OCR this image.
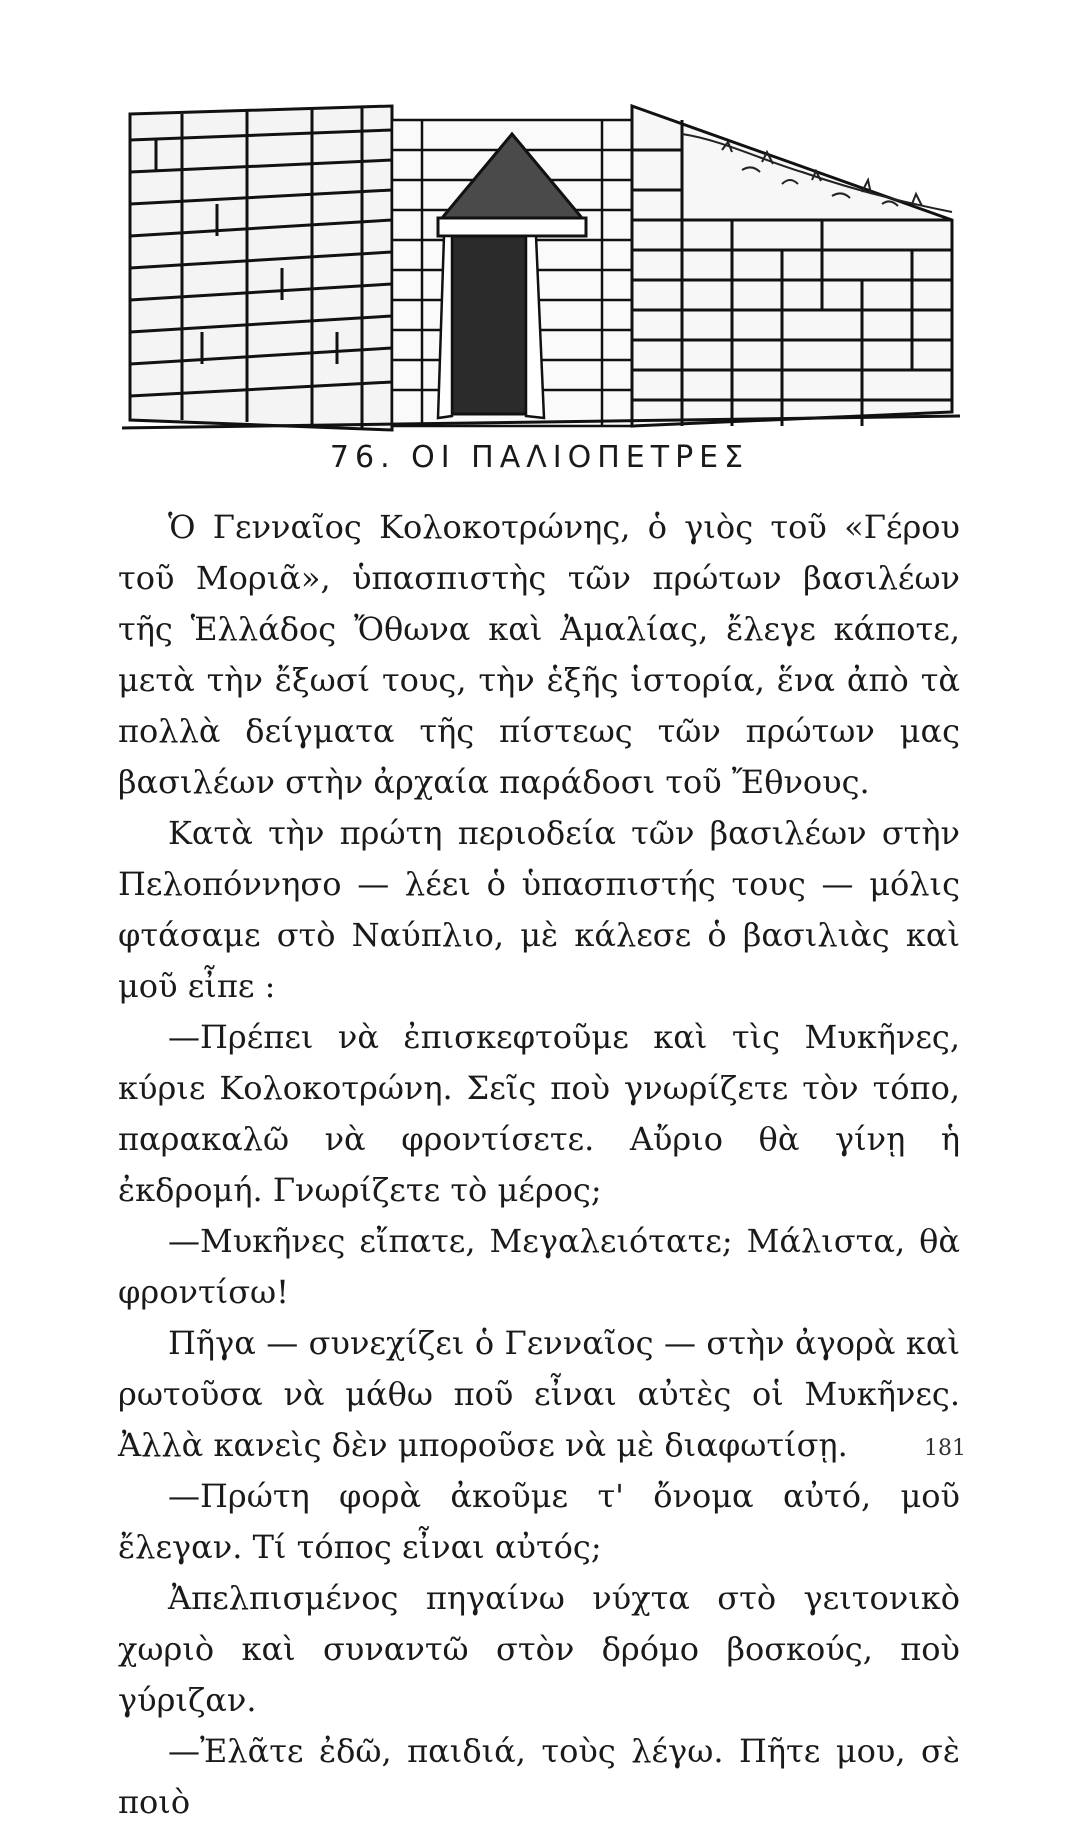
76. ΟΙ ΠΑΛΙΟΠΕΤΡΕΣ

Ὁ Γενναῖος Κολοκοτρώνης, ὁ γιὸς τοῦ «Γέρου τοῦ Μοριᾶ», ὑπασπιστὴς τῶν πρώτων βασιλέων τῆς Ἑλλάδος Ὄθωνα καὶ Ἀμαλίας, ἔλεγε κάποτε, μετὰ τὴν ἔξωσί τους, τὴν ἑξῆς ἱστορία, ἕνα ἀπὸ τὰ πολλὰ δείγματα τῆς πίστεως τῶν πρώτων μας βασιλέων στὴν ἀρχαία παράδοσι τοῦ Ἔθνους.

Κατὰ τὴν πρώτη περιοδεία τῶν βασιλέων στὴν Πελοπόννησο — λέει ὁ ὑπασπιστής τους — μόλις φτάσαμε στὸ Ναύπλιο, μὲ κάλεσε ὁ βασιλιὰς καὶ μοῦ εἶπε :

—Πρέπει νὰ ἐπισκεφτοῦμε καὶ τὶς Μυκῆνες, κύριε Κολοκοτρώνη. Σεῖς ποὺ γνωρίζετε τὸν τόπο, παρακαλῶ νὰ φροντίσετε. Αὔριο θὰ γίνῃ ἡ ἐκδρομή. Γνωρίζετε τὸ μέρος;

—Μυκῆνες εἴπατε, Μεγαλειότατε; Μάλιστα, θὰ φροντίσω!

Πῆγα — συνεχίζει ὁ Γενναῖος — στὴν ἀγορὰ καὶ ρωτοῦσα νὰ μάθω ποῦ εἶναι αὐτὲς οἱ Μυκῆνες. Ἀλλὰ κανεὶς δὲν μποροῦσε νὰ μὲ διαφωτίσῃ.

—Πρώτη φορὰ ἀκοῦμε τ' ὄνομα αὐτό, μοῦ ἔλεγαν. Τί τόπος εἶναι αὐτός;

Ἀπελπισμένος πηγαίνω νύχτα στὸ γειτονικὸ χωριὸ καὶ συναντῶ στὸν δρόμο βοσκούς, ποὺ γύριζαν.

—Ἐλᾶτε ἐδῶ, παιδιά, τοὺς λέγω. Πῆτε μου, σὲ ποιὸ

181
